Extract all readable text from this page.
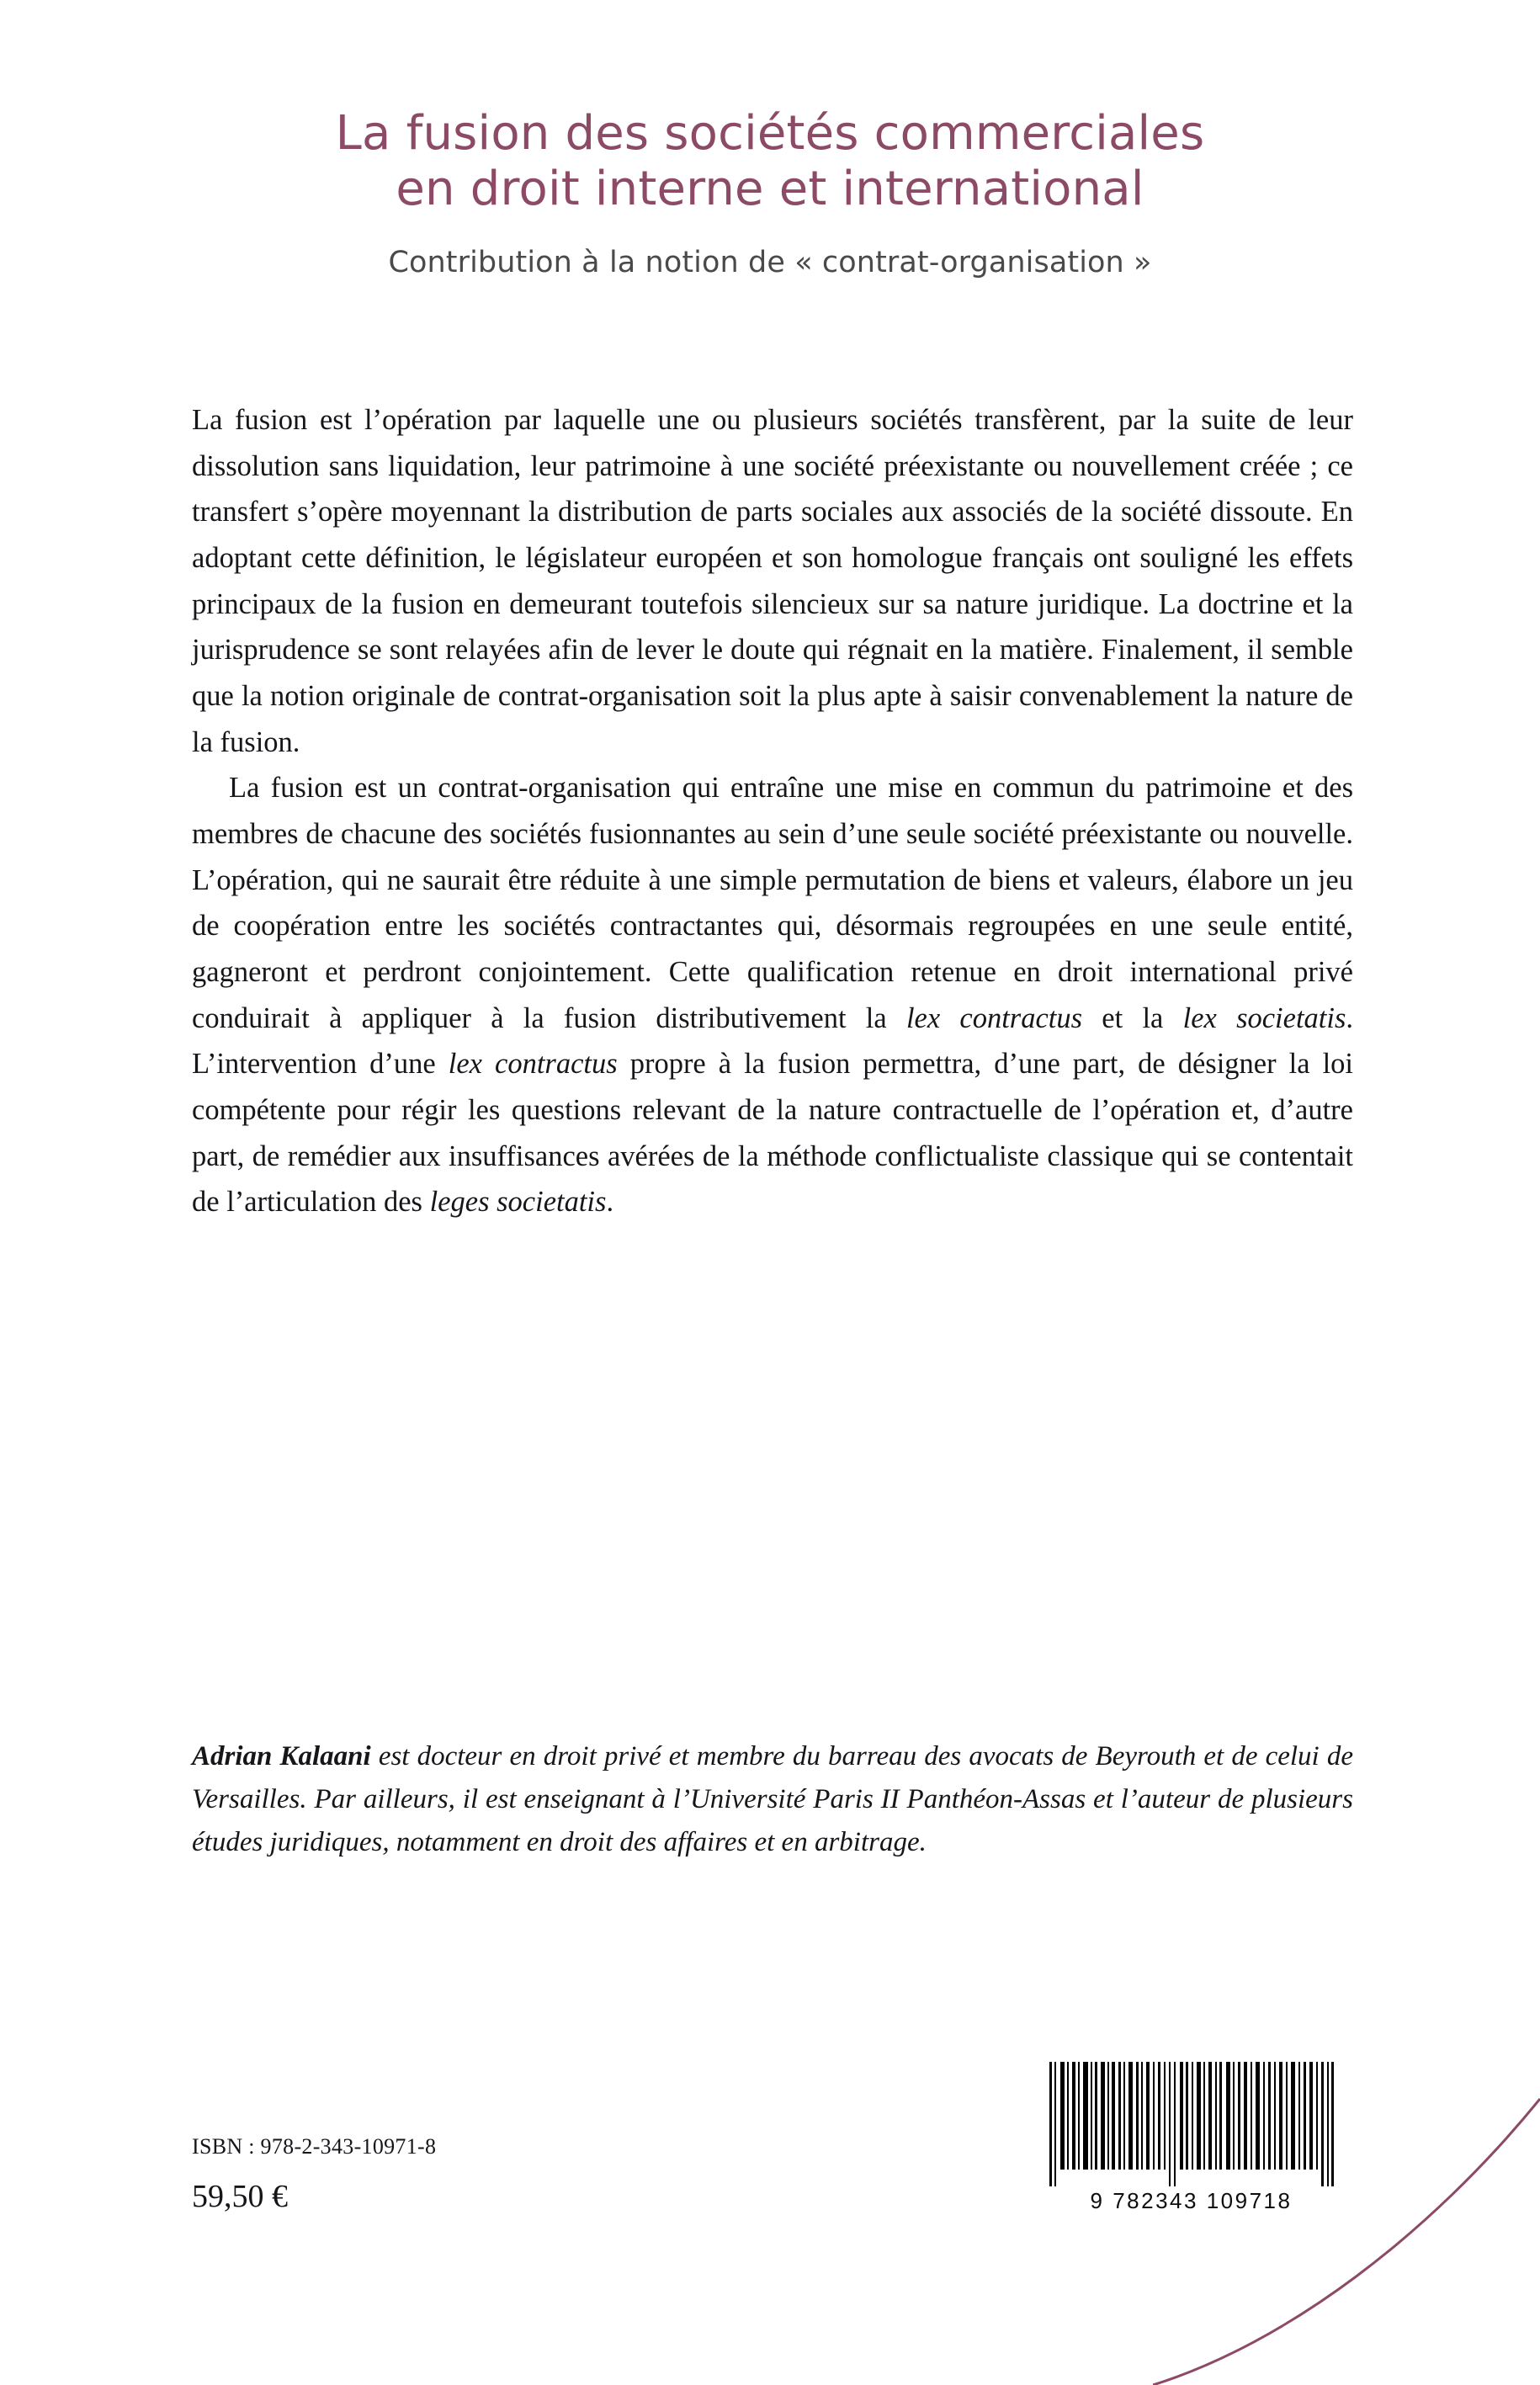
La fusion des sociétés commerciales
en droit interne et international

Contribution à la notion de « contrat-organisation »

La fusion est l’opération par laquelle une ou plusieurs sociétés transfèrent, par la suite de leur dissolution sans liquidation, leur patrimoine à une société préexistante ou nouvellement créée ; ce transfert s’opère moyennant la distribution de parts sociales aux associés de la société dissoute. En adoptant cette définition, le législateur européen et son homologue français ont souligné les effets principaux de la fusion en demeurant toutefois silencieux sur sa nature juridique. La doctrine et la jurisprudence se sont relayées afin de lever le doute qui régnait en la matière. Finalement, il semble que la notion originale de contrat-organisation soit la plus apte à saisir convenablement la nature de la fusion.

La fusion est un contrat-organisation qui entraîne une mise en commun du patrimoine et des membres de chacune des sociétés fusionnantes au sein d’une seule société préexistante ou nouvelle. L’opération, qui ne saurait être réduite à une simple permutation de biens et valeurs, élabore un jeu de coopération entre les sociétés contractantes qui, désormais regroupées en une seule entité, gagneront et perdront conjointement. Cette qualification retenue en droit international privé conduirait à appliquer à la fusion distributivement la lex contractus et la lex societatis. L’intervention d’une lex contractus propre à la fusion permettra, d’une part, de désigner la loi compétente pour régir les questions relevant de la nature contractuelle de l’opération et, d’autre part, de remédier aux insuffisances avérées de la méthode conflictualiste classique qui se contentait de l’articulation des leges societatis.

Adrian Kalaani est docteur en droit privé et membre du barreau des avocats de Beyrouth et de celui de Versailles. Par ailleurs, il est enseignant à l’Université Paris II Panthéon-Assas et l’auteur de plusieurs études juridiques, notamment en droit des affaires et en arbitrage.
ISBN : 978-2-343-10971-8
59,50 €	9 782343 109718
